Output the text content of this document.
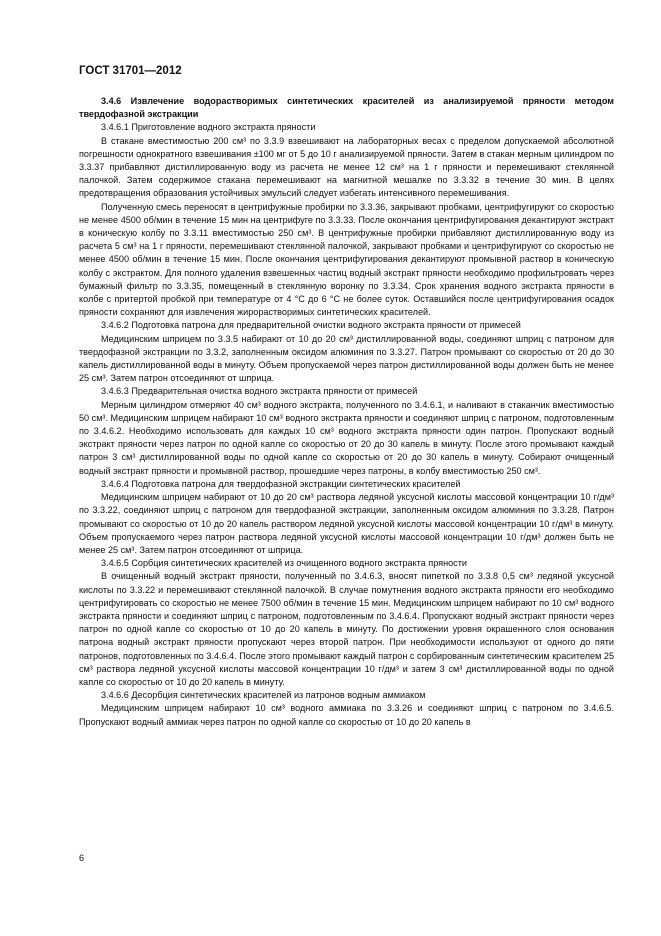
ГОСТ 31701—2012

3.4.6 Извлечение водорастворимых синтетических красителей из анализируемой пряности методом твердофазной экстракции

3.4.6.1 Приготовление водного экстракта пряности

В стакане вместимостью 200 см³ по 3.3.9 взвешивают на лабораторных весах с пределом допускаемой абсолютной погрешности однократного взвешивания ±100 мг от 5 до 10 г анализируемой пряности. Затем в стакан мерным цилиндром по 3.3.37 прибавляют дистиллированную воду из расчета не менее 12 см³ на 1 г пряности и перемешивают стеклянной палочкой. Затем содержимое стакана перемешивают на магнитной мешалке по 3.3.32 в течение 30 мин. В целях предотвращения образования устойчивых эмульсий следует избегать интенсивного перемешивания.

Полученную смесь переносят в центрифужные пробирки по 3.3.36, закрывают пробками, центрифугируют со скоростью не менее 4500 об/мин в течение 15 мин на центрифуге по 3.3.33. После окончания центрифугирования декантируют экстракт в коническую колбу по 3.3.11 вместимостью 250 см³. В центрифужные пробирки прибавляют дистиллированную воду из расчета 5 см³ на 1 г пряности, перемешивают стеклянной палочкой, закрывают пробками и центрифугируют со скоростью не менее 4500 об/мин в течение 15 мин. После окончания центрифугирования декантируют промывной раствор в коническую колбу с экстрактом. Для полного удаления взвешенных частиц водный экстракт пряности необходимо профильтровать через бумажный фильтр по 3.3.35, помещенный в стеклянную воронку по 3.3.34. Срок хранения водного экстракта пряности в колбе с притертой пробкой при температуре от 4 °C до 6 °C не более суток. Оставшийся после центрифугирования осадок пряности сохраняют для извлечения жирорастворимых синтетических красителей.

3.4.6.2 Подготовка патрона для предварительной очистки водного экстракта пряности от примесей

Медицинским шприцем по 3.3.5 набирают от 10 до 20 см³ дистиллированной воды, соединяют шприц с патроном для твердофазной экстракции по 3.3.2, заполненным оксидом алюминия по 3.3.27. Патрон промывают со скоростью от 20 до 30 капель дистиллированной воды в минуту. Объем пропускаемой через патрон дистиллированной воды должен быть не менее 25 см³. Затем патрон отсоединяют от шприца.

3.4.6.3 Предварительная очистка водного экстракта пряности от примесей

Мерным цилиндром отмеряют 40 см³ водного экстракта, полученного по 3.4.6.1, и наливают в стаканчик вместимостью 50 см³. Медицинским шприцем набирают 10 см³ водного экстракта пряности и соединяют шприц с патроном, подготовленным по 3.4.6.2. Необходимо использовать для каждых 10 см³ водного экстракта пряности один патрон. Пропускают водный экстракт пряности через патрон по одной капле со скоростью от 20 до 30 капель в минуту. После этого промывают каждый патрон 3 см³ дистиллированной воды по одной капле со скоростью от 20 до 30 капель в минуту. Собирают очищенный водный экстракт пряности и промывной раствор, прошедшие через патроны, в колбу вместимостью 250 см³.

3.4.6.4 Подготовка патрона для твердофазной экстракции синтетических красителей

Медицинским шприцем набирают от 10 до 20 см³ раствора ледяной уксусной кислоты массовой концентрации 10 г/дм³ по 3.3.22, соединяют шприц с патроном для твердофазной экстракции, заполненным оксидом алюминия по 3.3.28. Патрон промывают со скоростью от 10 до 20 капель раствором ледяной уксусной кислоты массовой концентрации 10 г/дм³ в минуту. Объем пропускаемого через патрон раствора ледяной уксусной кислоты массовой концентрации 10 г/дм³ должен быть не менее 25 см³. Затем патрон отсоединяют от шприца.

3.4.6.5 Сорбция синтетических красителей из очищенного водного экстракта пряности

В очищенный водный экстракт пряности, полученный по 3.4.6.3, вносят пипеткой по 3.3.8 0,5 см³ ледяной уксусной кислоты по 3.3.22 и перемешивают стеклянной палочкой. В случае помутнения водного экстракта пряности его необходимо центрифугировать со скоростью не менее 7500 об/мин в течение 15 мин. Медицинским шприцем набирают по 10 см³ водного экстракта пряности и соединяют шприц с патроном, подготовленным по 3.4.6.4. Пропускают водный экстракт пряности через патрон по одной капле со скоростью от 10 до 20 капель в минуту. По достижении уровня окрашенного слоя основания патрона водный экстракт пряности пропускают через второй патрон. При необходимости используют от одного до пяти патронов, подготовленных по 3.4.6.4. После этого промывают каждый патрон с сорбированным синтетическим красителем 25 см³ раствора ледяной уксусной кислоты массовой концентрации 10 г/дм³ и затем 3 см³ дистиллированной воды по одной капле со скоростью от 10 до 20 капель в минуту.

3.4.6.6 Десорбция синтетических красителей из патронов водным аммиаком

Медицинским шприцем набирают 10 см³ водного аммиака по 3.3.26 и соединяют шприц с патроном по 3.4.6.5. Пропускают водный аммиак через патрон по одной капле со скоростью от 10 до 20 капель в

6
